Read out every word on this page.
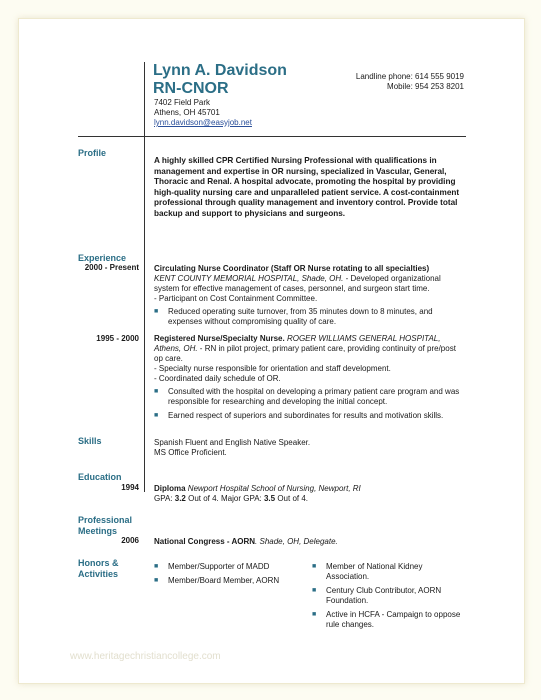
Lynn A. Davidson
RN-CNOR
7402 Field Park
Athens, OH 45701
lynn.davidson@easyjob.net
Landline phone: 614 555 9019
Mobile: 954 253 8201
Profile
A highly skilled CPR Certified Nursing Professional with qualifications in management and expertise in OR nursing, specialized in Vascular, General, Thoracic and Renal. A hospital advocate, promoting the hospital by providing high-quality nursing care and unparalleled patient service. A cost-containment professional through quality management and inventory control. Provide total backup and support to physicians and surgeons.
Experience
2000 - Present Circulating Nurse Coordinator (Staff OR Nurse rotating to all specialties)
KENT COUNTY MEMORIAL HOSPITAL, Shade, OH. - Developed organizational system for effective management of cases, personnel, and surgeon start time.
- Participant on Cost Containment Committee.
■ Reduced operating suite turnover, from 35 minutes down to 8 minutes, and expenses without compromising quality of care.
1995 - 2000 Registered Nurse/Specialty Nurse. ROGER WILLIAMS GENERAL HOSPITAL, Athens, OH. - RN in pilot project, primary patient care, providing continuity of pre/post op care.
- Specialty nurse responsible for orientation and staff development.
- Coordinated daily schedule of OR.
■ Consulted with the hospital on developing a primary patient care program and was responsible for researching and developing the initial concept.
■ Earned respect of superiors and subordinates for results and motivation skills.
Skills	Spanish Fluent and English Native Speaker.
MS Office Proficient.
Education
1994 Diploma Newport Hospital School of Nursing, Newport, RI
GPA: 3.2 Out of 4. Major GPA: 3.5 Out of 4.
Professional
Meetings
2006 National Congress - AORN. Shade, OH, Delegate.
Honors &
Activities
■ Member/Supporter of MADD
■ Member/Board Member, AORN
■ Member of National Kidney Association.
■ Century Club Contributor, AORN Foundation.
■ Active in HCFA - Campaign to oppose rule changes.
www.heritagechristiancollege.com
